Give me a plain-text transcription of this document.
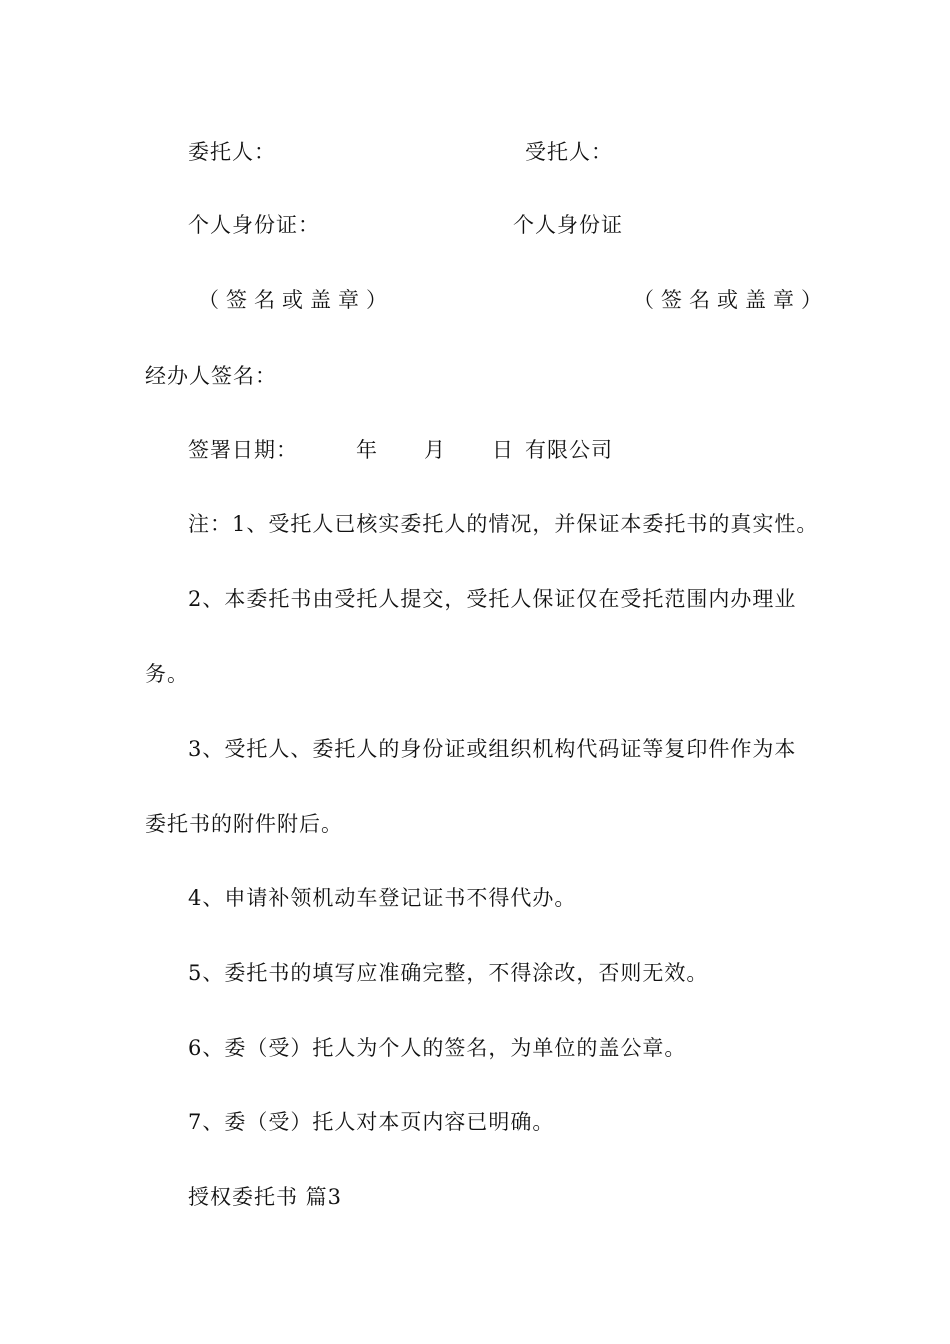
委托人：	受托人：
个人身份证：	个人身份证
（签名或盖章）	（签名或盖章）
经办人签名：
签署日期：	年 月 日 有限公司
注：1、受托人已核实委托人的情况，并保证本委托书的真实性。
2、本委托书由受托人提交，受托人保证仅在受托范围内办理业
务。
3、受托人、委托人的身份证或组织机构代码证等复印件作为本
委托书的附件附后。
4、申请补领机动车登记证书不得代办。
5、委托书的填写应准确完整，不得涂改，否则无效。
6、委（受）托人为个人的签名，为单位的盖公章。
7、委（受）托人对本页内容已明确。
授权委托书 篇3
